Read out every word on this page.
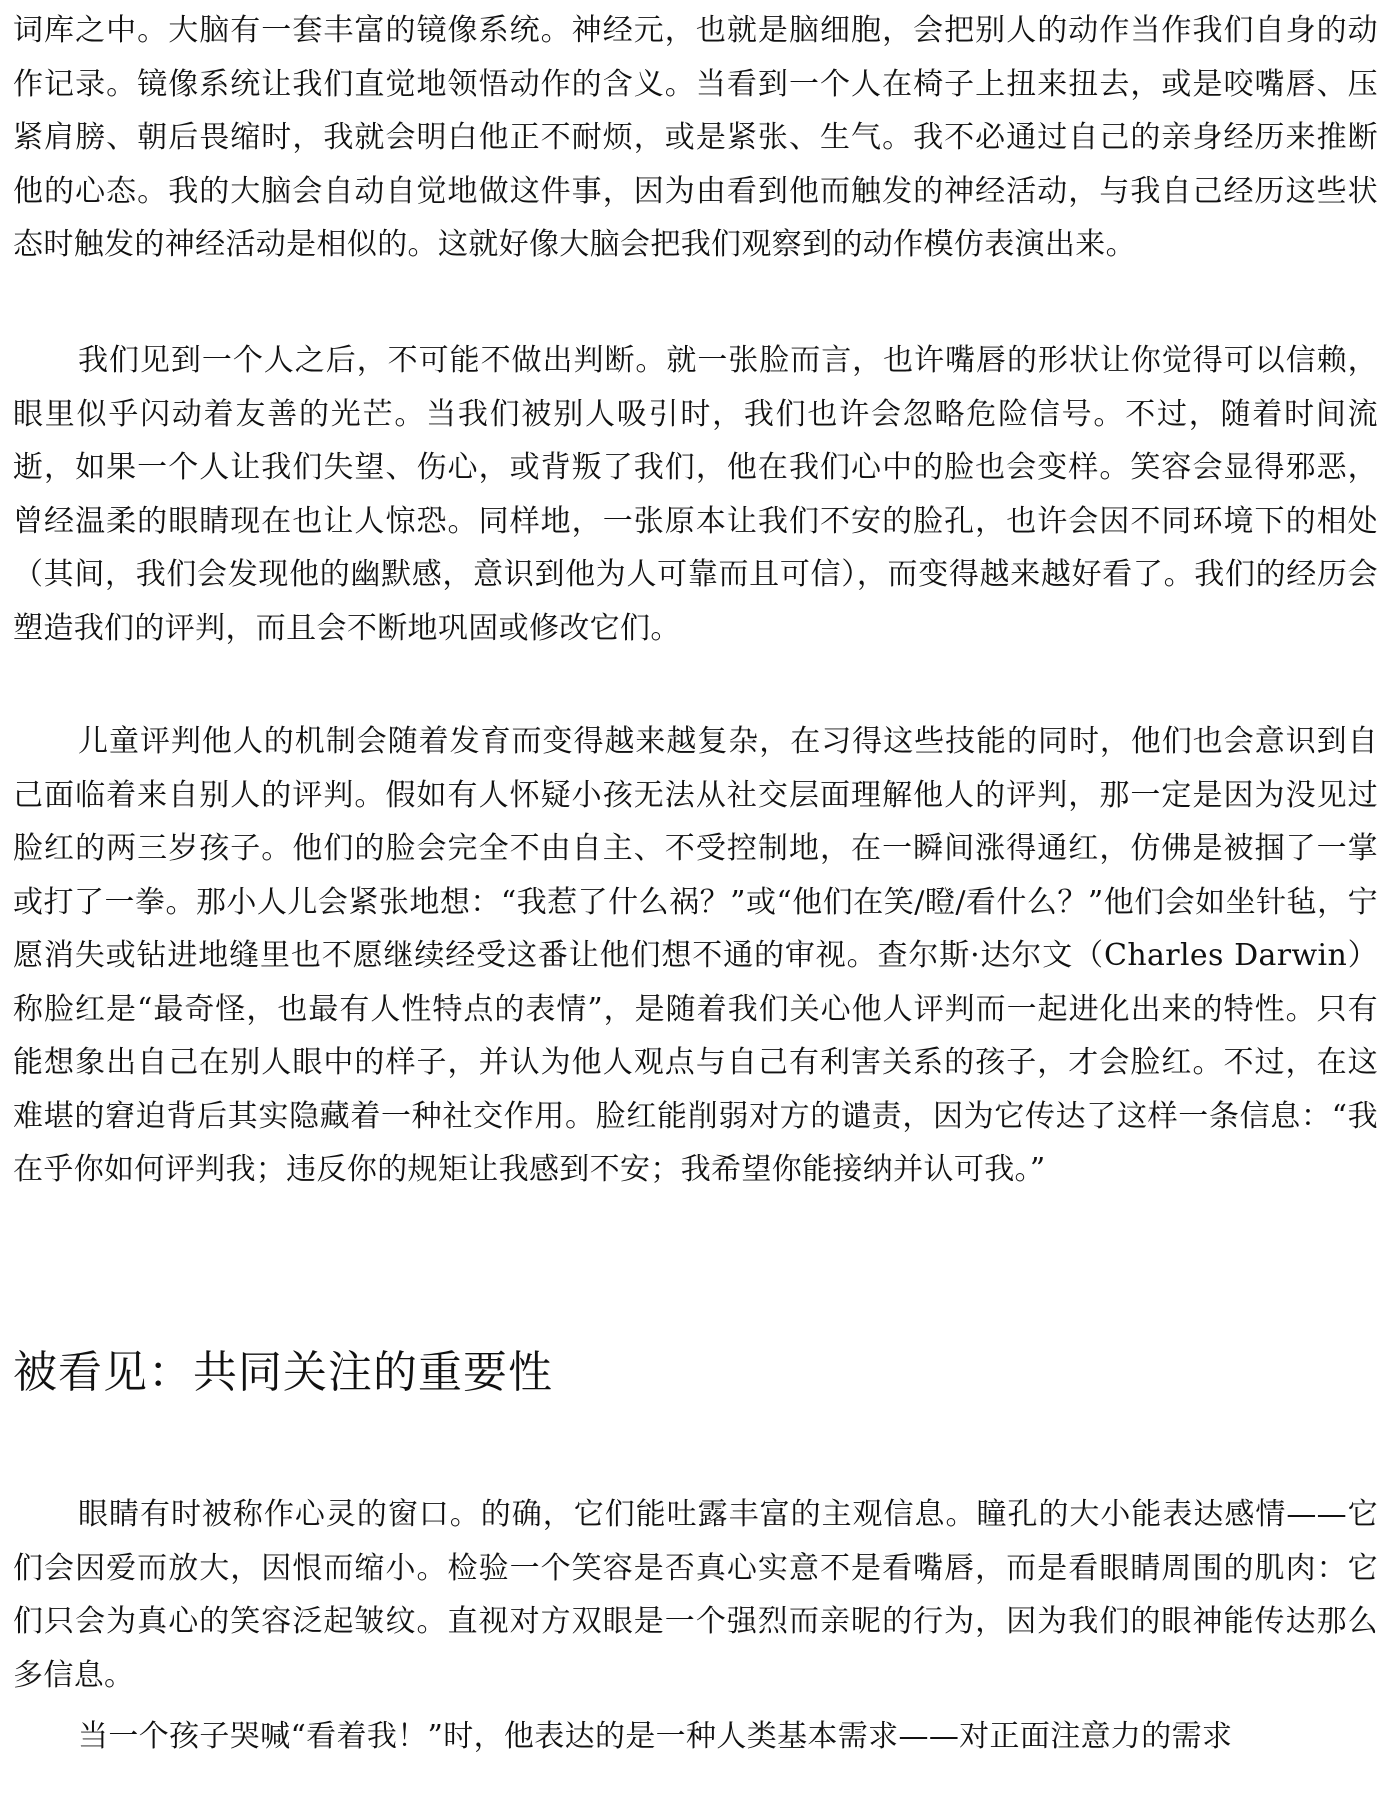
词库之中。大脑有一套丰富的镜像系统。神经元，也就是脑细胞，会把别人的动作当作我们自身的动作记录。镜像系统让我们直觉地领悟动作的含义。当看到一个人在椅子上扭来扭去，或是咬嘴唇、压紧肩膀、朝后畏缩时，我就会明白他正不耐烦，或是紧张、生气。我不必通过自己的亲身经历来推断他的心态。我的大脑会自动自觉地做这件事，因为由看到他而触发的神经活动，与我自己经历这些状态时触发的神经活动是相似的。这就好像大脑会把我们观察到的动作模仿表演出来。

我们见到一个人之后，不可能不做出判断。就一张脸而言，也许嘴唇的形状让你觉得可以信赖，眼里似乎闪动着友善的光芒。当我们被别人吸引时，我们也许会忽略危险信号。不过，随着时间流逝，如果一个人让我们失望、伤心，或背叛了我们，他在我们心中的脸也会变样。笑容会显得邪恶，曾经温柔的眼睛现在也让人惊恐。同样地，一张原本让我们不安的脸孔，也许会因不同环境下的相处（其间，我们会发现他的幽默感，意识到他为人可靠而且可信），而变得越来越好看了。我们的经历会塑造我们的评判，而且会不断地巩固或修改它们。

儿童评判他人的机制会随着发育而变得越来越复杂，在习得这些技能的同时，他们也会意识到自己面临着来自别人的评判。假如有人怀疑小孩无法从社交层面理解他人的评判，那一定是因为没见过脸红的两三岁孩子。他们的脸会完全不由自主、不受控制地，在一瞬间涨得通红，仿佛是被掴了一掌或打了一拳。那小人儿会紧张地想：“我惹了什么祸？”或“他们在笑/瞪/看什么？”他们会如坐针毡，宁愿消失或钻进地缝里也不愿继续经受这番让他们想不通的审视。查尔斯·达尔文（Charles Darwin）称脸红是“最奇怪，也最有人性特点的表情”，是随着我们关心他人评判而一起进化出来的特性。只有能想象出自己在别人眼中的样子，并认为他人观点与自己有利害关系的孩子，才会脸红。不过，在这难堪的窘迫背后其实隐藏着一种社交作用。脸红能削弱对方的谴责，因为它传达了这样一条信息：“我在乎你如何评判我；违反你的规矩让我感到不安；我希望你能接纳并认可我。”

被看见：共同关注的重要性

眼睛有时被称作心灵的窗口。的确，它们能吐露丰富的主观信息。瞳孔的大小能表达感情——它们会因爱而放大，因恨而缩小。检验一个笑容是否真心实意不是看嘴唇，而是看眼睛周围的肌肉：它们只会为真心的笑容泛起皱纹。直视对方双眼是一个强烈而亲昵的行为，因为我们的眼神能传达那么多信息。

当一个孩子哭喊“看着我！”时，他表达的是一种人类基本需求——对正面注意力的需求
